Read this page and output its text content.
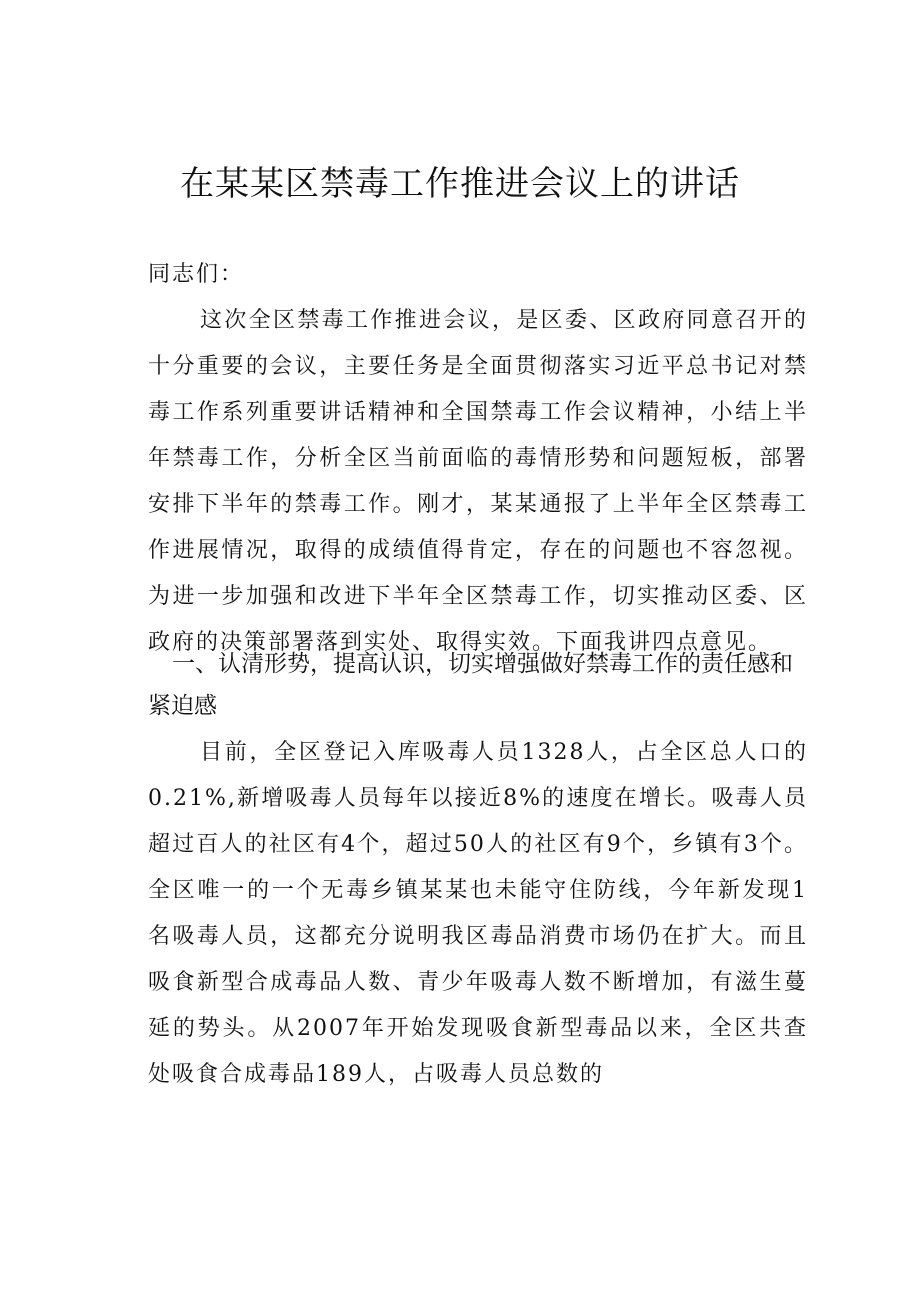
在某某区禁毒工作推进会议上的讲话

同志们：

这次全区禁毒工作推进会议，是区委、区政府同意召开的十分重要的会议，主要任务是全面贯彻落实习近平总书记对禁毒工作系列重要讲话精神和全国禁毒工作会议精神，小结上半年禁毒工作，分析全区当前面临的毒情形势和问题短板，部署安排下半年的禁毒工作。刚才，某某通报了上半年全区禁毒工作进展情况，取得的成绩值得肯定，存在的问题也不容忽视。为进一步加强和改进下半年全区禁毒工作，切实推动区委、区政府的决策部署落到实处、取得实效。下面我讲四点意见。

一、认清形势，提高认识，切实增强做好禁毒工作的责任感和紧迫感

目前，全区登记入库吸毒人员1328人，占全区总人口的0.21%,新增吸毒人员每年以接近8%的速度在增长。吸毒人员超过百人的社区有4个，超过50人的社区有9个，乡镇有3个。全区唯一的一个无毒乡镇某某也未能守住防线，今年新发现1名吸毒人员，这都充分说明我区毒品消费市场仍在扩大。而且吸食新型合成毒品人数、青少年吸毒人数不断增加，有滋生蔓延的势头。从2007年开始发现吸食新型毒品以来，全区共查处吸食合成毒品189人，占吸毒人员总数的
